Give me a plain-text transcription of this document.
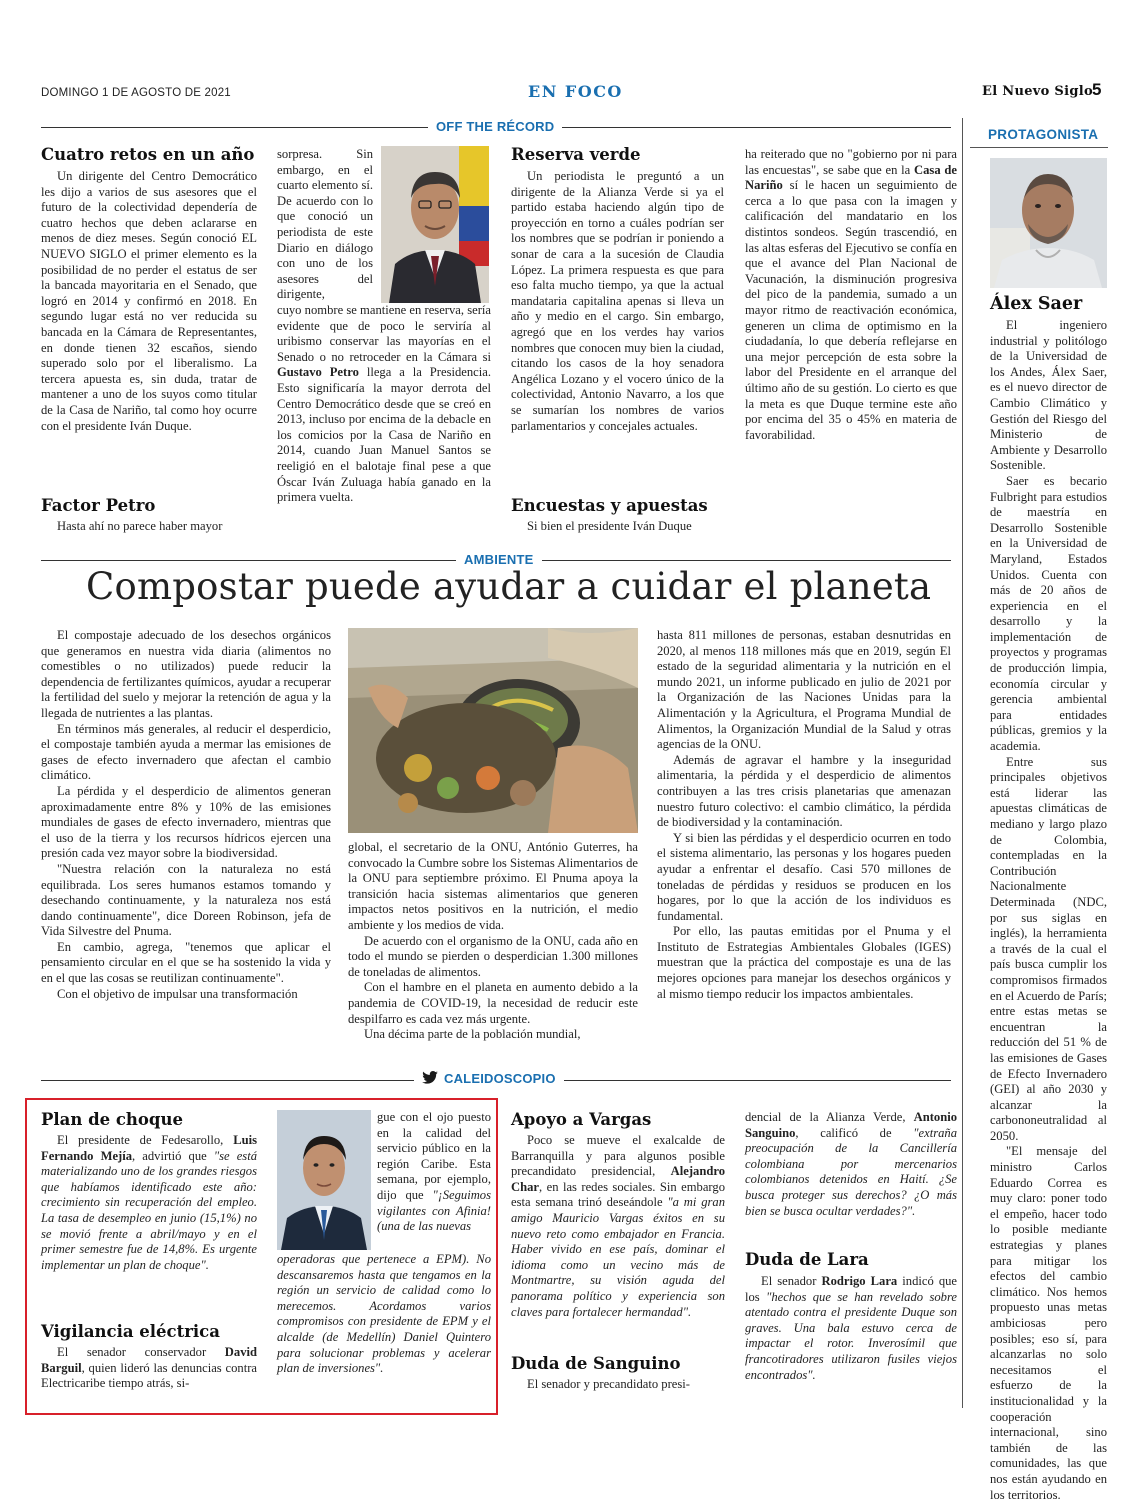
DOMINGO 1 DE AGOSTO DE 2021	EN FOCO	El Nuevo Siglo 5
OFF THE RÉCORD
Cuatro retos en un año
Un dirigente del Centro Democrático les dijo a varios de sus asesores que el futuro de la colectividad dependería de cuatro hechos que deben aclararse en menos de diez meses. Según conoció EL NUEVO SIGLO el primer elemento es la posibilidad de no perder el estatus de ser la bancada mayoritaria en el Senado, que logró en 2014 y confirmó en 2018. En segundo lugar está no ver reducida su bancada en la Cámara de Representantes, en donde tienen 32 escaños, siendo superado solo por el liberalismo. La tercera apuesta es, sin duda, tratar de mantener a uno de los suyos como titular de la Casa de Nariño, tal como hoy ocurre con el presidente Iván Duque.
Factor Petro
Hasta ahí no parece haber mayor
sorpresa. Sin embargo, en el cuarto elemento sí. De acuerdo con lo que conoció un periodista de este Diario en diálogo con uno de los asesores del dirigente,
cuyo nombre se mantiene en reserva, sería evidente que de poco le serviría al uribismo conservar las mayorías en el Senado o no retroceder en la Cámara si Gustavo Petro llega a la Presidencia. Esto significaría la mayor derrota del Centro Democrático desde que se creó en 2013, incluso por encima de la debacle en los comicios por la Casa de Nariño en 2014, cuando Juan Manuel Santos se reeligió en el balotaje final pese a que Óscar Iván Zuluaga había ganado en la primera vuelta.
Reserva verde
Un periodista le preguntó a un dirigente de la Alianza Verde si ya el partido estaba haciendo algún tipo de proyección en torno a cuáles podrían ser los nombres que se podrían ir poniendo a sonar de cara a la sucesión de Claudia López. La primera respuesta es que para eso falta mucho tiempo, ya que la actual mandataria capitalina apenas si lleva un año y medio en el cargo. Sin embargo, agregó que en los verdes hay varios nombres que conocen muy bien la ciudad, citando los casos de la hoy senadora Angélica Lozano y el vocero único de la colectividad, Antonio Navarro, a los que se sumarían los nombres de varios parlamentarios y concejales actuales.
Encuestas y apuestas
Si bien el presidente Iván Duque
ha reiterado que no "gobierno por ni para las encuestas", se sabe que en la Casa de Nariño sí le hacen un seguimiento de cerca a lo que pasa con la imagen y calificación del mandatario en los distintos sondeos. Según trascendió, en las altas esferas del Ejecutivo se confía en que el avance del Plan Nacional de Vacunación, la disminución progresiva del pico de la pandemia, sumado a un mayor ritmo de reactivación económica, generen un clima de optimismo en la ciudadanía, lo que debería reflejarse en una mejor percepción de esta sobre la labor del Presidente en el arranque del último año de su gestión. Lo cierto es que la meta es que Duque termine este año por encima del 35 o 45% en materia de favorabilidad.
PROTAGONISTA
Álex Saer
El ingeniero industrial y politólogo de la Universidad de los Andes, Álex Saer, es el nuevo director de Cambio Climático y Gestión del Riesgo del Ministerio de Ambiente y Desarrollo Sostenible.
Saer es becario Fulbright para estudios de maestría en Desarrollo Sostenible en la Universidad de Maryland, Estados Unidos. Cuenta con más de 20 años de experiencia en el desarrollo y la implementación de proyectos y programas de producción limpia, economía circular y gerencia ambiental para entidades públicas, gremios y la academia.
Entre sus principales objetivos está liderar las apuestas climáticas de mediano y largo plazo de Colombia, contempladas en la Contribución Nacionalmente Determinada (NDC, por sus siglas en inglés), la herramienta a través de la cual el país busca cumplir los compromisos firmados en el Acuerdo de París; entre estas metas se encuentran la reducción del 51 % de las emisiones de Gases de Efecto Invernadero (GEI) al año 2030 y alcanzar la carbononeutralidad al 2050.
"El mensaje del ministro Carlos Eduardo Correa es muy claro: poner todo el empeño, hacer todo lo posible mediante estrategias y planes para mitigar los efectos del cambio climático. Nos hemos propuesto unas metas ambiciosas pero posibles; eso sí, para alcanzarlas no solo necesitamos el esfuerzo de la institucionalidad y la cooperación internacional, sino también de las comunidades, las que nos están ayudando en los territorios.
AMBIENTE
Compostar puede ayudar a cuidar el planeta
El compostaje adecuado de los desechos orgánicos que generamos en nuestra vida diaria (alimentos no comestibles o no utilizados) puede reducir la dependencia de fertilizantes químicos, ayudar a recuperar la fertilidad del suelo y mejorar la retención de agua y la llegada de nutrientes a las plantas.
En términos más generales, al reducir el desperdicio, el compostaje también ayuda a mermar las emisiones de gases de efecto invernadero que afectan el cambio climático.
La pérdida y el desperdicio de alimentos generan aproximadamente entre 8% y 10% de las emisiones mundiales de gases de efecto invernadero, mientras que el uso de la tierra y los recursos hídricos ejercen una presión cada vez mayor sobre la biodiversidad.
"Nuestra relación con la naturaleza no está equilibrada. Los seres humanos estamos tomando y desechando continuamente, y la naturaleza nos está dando continuamente", dice Doreen Robinson, jefa de Vida Silvestre del Pnuma.
En cambio, agrega, "tenemos que aplicar el pensamiento circular en el que se ha sostenido la vida y en el que las cosas se reutilizan continuamente".
Con el objetivo de impulsar una transformación
global, el secretario de la ONU, António Guterres, ha convocado la Cumbre sobre los Sistemas Alimentarios de la ONU para septiembre próximo. El Pnuma apoya la transición hacia sistemas alimentarios que generen impactos netos positivos en la nutrición, el medio ambiente y los medios de vida.
De acuerdo con el organismo de la ONU, cada año en todo el mundo se pierden o desperdician 1.300 millones de toneladas de alimentos.
Con el hambre en el planeta en aumento debido a la pandemia de COVID-19, la necesidad de reducir este despilfarro es cada vez más urgente.
Una décima parte de la población mundial,
hasta 811 millones de personas, estaban desnutridas en 2020, al menos 118 millones más que en 2019, según El estado de la seguridad alimentaria y la nutrición en el mundo 2021, un informe publicado en julio de 2021 por la Organización de las Naciones Unidas para la Alimentación y la Agricultura, el Programa Mundial de Alimentos, la Organización Mundial de la Salud y otras agencias de la ONU.
Además de agravar el hambre y la inseguridad alimentaria, la pérdida y el desperdicio de alimentos contribuyen a las tres crisis planetarias que amenazan nuestro futuro colectivo: el cambio climático, la pérdida de biodiversidad y la contaminación.
Y si bien las pérdidas y el desperdicio ocurren en todo el sistema alimentario, las personas y los hogares pueden ayudar a enfrentar el desafío. Casi 570 millones de toneladas de pérdidas y residuos se producen en los hogares, por lo que la acción de los individuos es fundamental.
Por ello, las pautas emitidas por el Pnuma y el Instituto de Estrategias Ambientales Globales (IGES) muestran que la práctica del compostaje es una de las mejores opciones para manejar los desechos orgánicos y al mismo tiempo reducir los impactos ambientales.
CALEIDOSCOPIO
Plan de choque
El presidente de Fedesarollo, Luis Fernando Mejía, advirtió que "se está materializando uno de los grandes riesgos que habíamos identificado este año: crecimiento sin recuperación del empleo. La tasa de desempleo en junio (15,1%) no se movió frente a abril/mayo y en el primer semestre fue de 14,8%. Es urgente implementar un plan de choque".
Vigilancia eléctrica
El senador conservador David Barguil, quien lideró las denuncias contra Electricaribe tiempo atrás, si-
gue con el ojo puesto en la calidad del servicio público en la región Caribe. Esta semana, por ejemplo, dijo que "¡Seguimos vigilantes con Afinia! (una de las nuevas
operadoras que pertenece a EPM). No descansaremos hasta que tengamos en la región un servicio de calidad como lo merecemos. Acordamos varios compromisos con presidente de EPM y el alcalde (de Medellín) Daniel Quintero para solucionar problemas y acelerar plan de inversiones".
Apoyo a Vargas
Poco se mueve el exalcalde de Barranquilla y para algunos posible precandidato presidencial, Alejandro Char, en las redes sociales. Sin embargo esta semana trinó deseándole "a mi gran amigo Mauricio Vargas éxitos en su nuevo reto como embajador en Francia. Haber vivido en ese país, dominar el idioma como un vecino más de Montmartre, su visión aguda del panorama político y experiencia son claves para fortalecer hermandad".
Duda de Sanguino
El senador y precandidato presi-
dencial de la Alianza Verde, Antonio Sanguino, calificó de "extraña preocupación de la Cancillería colombiana por mercenarios colombianos detenidos en Haití. ¿Se busca proteger sus derechos? ¿O más bien se busca ocultar verdades?".
Duda de Lara
El senador Rodrigo Lara indicó que los "hechos que se han revelado sobre atentado contra el presidente Duque son graves. Una bala estuvo cerca de impactar el rotor. Inverosímil que francotiradores utilizaron fusiles viejos encontrados".
